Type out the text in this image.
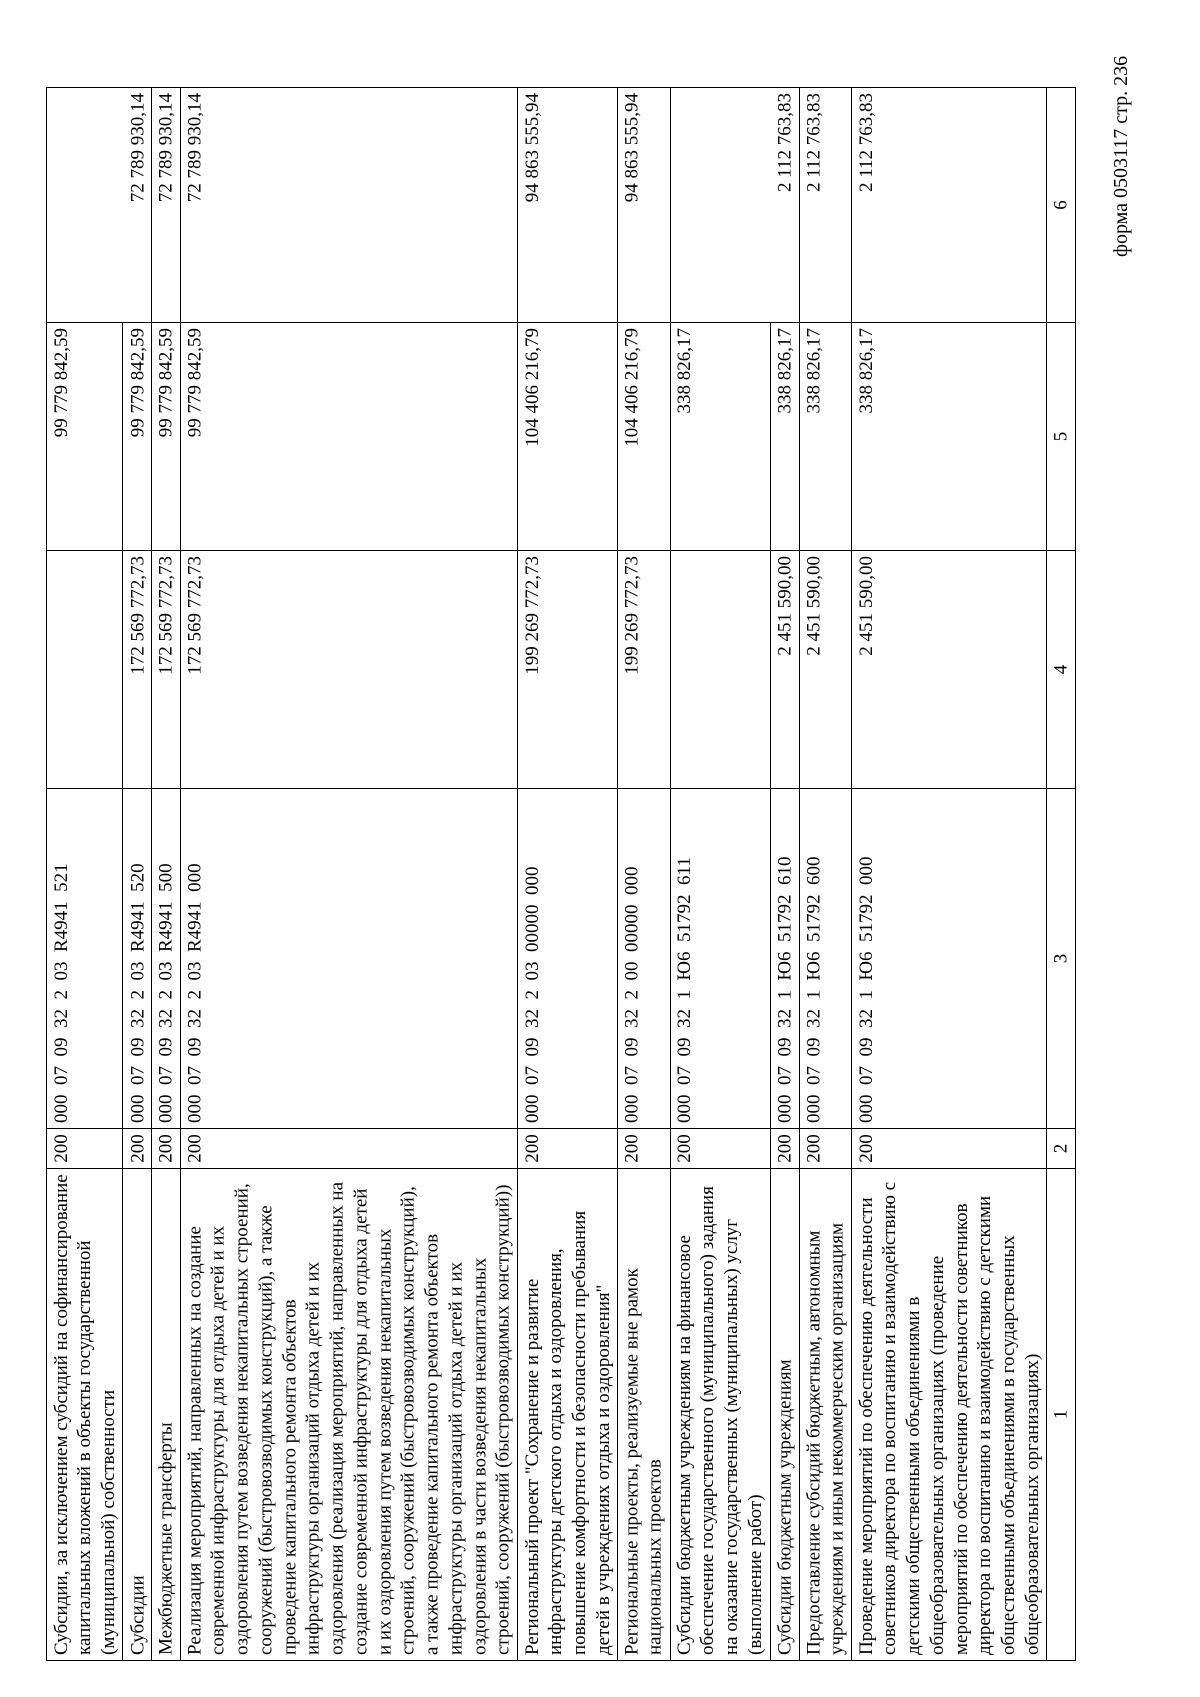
форма 0503117 стр. 236
1	2	3	4	5	6
Проведение мероприятий по обеспечению деятельности советников директора по воспитанию и взаимодействию с детскими общественными объединениями в общеобразовательных организациях (проведение мероприятий по обеспечению деятельности советников директора по воспитанию и взаимодействию с детскими общественными объединениями в государственных общеобразовательных организациях)	200	000  07  09  32  1  Ю6  51792  000	2 451 590,00	338 826,17	2 112 763,83
Предоставление субсидий бюджетным, автономным учреждениям и иным некоммерческим организациям	200	000  07  09  32  1  Ю6  51792  600	2 451 590,00	338 826,17	2 112 763,83
Субсидии бюджетным учреждениям	200	000  07  09  32  1  Ю6  51792  610	2 451 590,00	338 826,17	2 112 763,83
Субсидии бюджетным учреждениям на финансовое обеспечение государственного (муниципального) задания на оказание государственных (муниципальных) услуг (выполнение работ)	200	000  07  09  32  1  Ю6  51792  611		338 826,17	
Региональные проекты, реализуемые вне рамок национальных проектов	200	000  07  09  32  2  00  00000  000	199 269 772,73	104 406 216,79	94 863 555,94
Региональный проект "Сохранение и развитие инфраструктуры детского отдыха и оздоровления, повышение комфортности и безопасности пребывания детей в учреждениях отдыха и оздоровления"	200	000  07  09  32  2  03  00000  000	199 269 772,73	104 406 216,79	94 863 555,94
Реализация мероприятий, направленных на создание современной инфраструктуры для отдыха детей и их оздоровления путем возведения некапитальных строений, сооружений (быстровозводимых конструкций), а также проведение капитального ремонта объектов инфраструктуры организаций отдыха детей и их оздоровления (реализация мероприятий, направленных на создание современной инфраструктуры для отдыха детей и их оздоровления путем возведения некапитальных строений, сооружений (быстровозводимых конструкций), а также проведение капитального ремонта объектов инфраструктуры организаций отдыха детей и их оздоровления в части возведения некапитальных строений, сооружений (быстровозводимых конструкций))	200	000  07  09  32  2  03  R4941  000	172 569 772,73	99 779 842,59	72 789 930,14
Межбюджетные трансферты	200	000  07  09  32  2  03  R4941  500	172 569 772,73	99 779 842,59	72 789 930,14
Субсидии	200	000  07  09  32  2  03  R4941  520	172 569 772,73	99 779 842,59	72 789 930,14
Субсидии, за исключением субсидий на софинансирование капитальных вложений в объекты государственной (муниципальной) собственности	200	000  07  09  32  2  03  R4941  521		99 779 842,59	
